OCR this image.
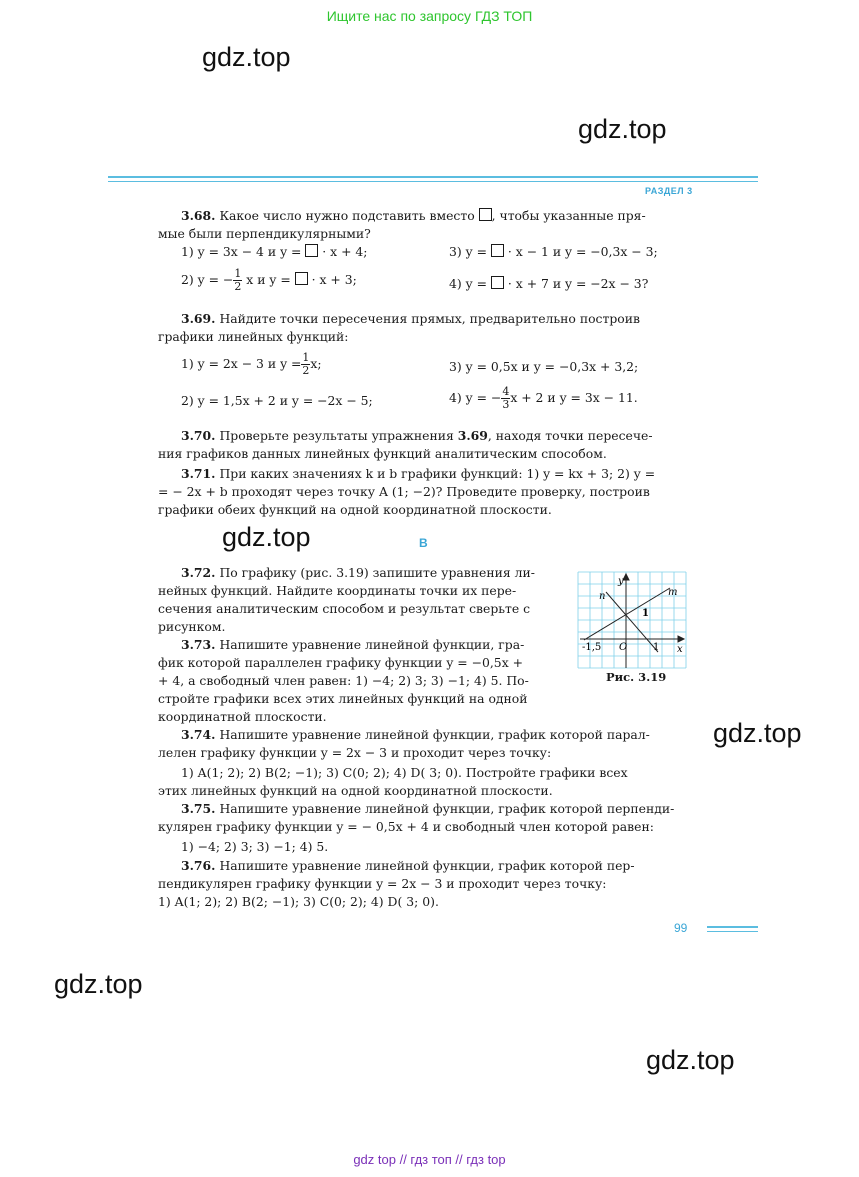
Ищите нас по запросу ГДЗ ТОП
gdz.top
gdz.top
gdz.top
gdz.top
gdz.top
gdz.top
РАЗДЕЛ 3
3.68. Какое число нужно подставить вместо , чтобы указанные пря-
мые были перпендикулярными?
1) y = 3x − 4 и y = · x + 4;	3) y = · x − 1 и y = −0,3x − 3;
2) y = − $\frac{1}{2}$ x и y = · x + 3;	4) y = · x + 7 и y = −2x − 3?
3.69. Найдите точки пересечения прямых, предварительно построив
графики линейных функций:
1) y = 2x − 3 и $y = \frac{1}{2} x$;	3) y = 0,5x и y = −0,3x + 3,2;
2) y = 1,5x + 2 и y = −2x − 5;	4) y = − $\frac{4}{3}$ x + 2 и y = 3x − 11.
3.70. Проверьте результаты упражнения 3.69, находя точки пересече-
ния графиков данных линейных функций аналитическим способом.
3.71. При каких значениях k и b графики функций: 1) y = kx + 3; 2) y =
= − 2x + b проходят через точку A (1; −2)? Проведите проверку, построив
графики обеих функций на одной координатной плоскости.
B
3.72. По графику (рис. 3.19) запишите уравнения ли-
нейных функций. Найдите координаты точки их пере-
сечения аналитическим способом и результат сверьте с
рисунком.
3.73. Напишите уравнение линейной функции, гра-
фик которой параллелен графику функции y = −0,5x +
+ 4, а свободный член равен: 1) −4; 2) 3; 3) −1; 4) 5. По-
стройте графики всех этих линейных функций на одной
координатной плоскости.
y
x
n	m
1
1
O
-1,5
Рис. 3.19
3.74. Напишите уравнение линейной функции, график которой парал-
лелен графику функции y = 2x − 3 и проходит через точку:
1) A(1; 2); 2) B(2; −1); 3) C(0; 2); 4) D( 3; 0). Постройте графики всех
этих линейных функций на одной координатной плоскости.
3.75. Напишите уравнение линейной функции, график которой перпенди-
кулярен графику функции y = − 0,5x + 4 и свободный член которой равен:
1) −4; 2) 3; 3) −1; 4) 5.
3.76. Напишите уравнение линейной функции, график которой пер-
пендикулярен графику функции y = 2x − 3 и проходит через точку:
1) A(1; 2); 2) B(2; −1); 3) C(0; 2); 4) D( 3; 0).
99
gdz top // гдз топ // гдз top
